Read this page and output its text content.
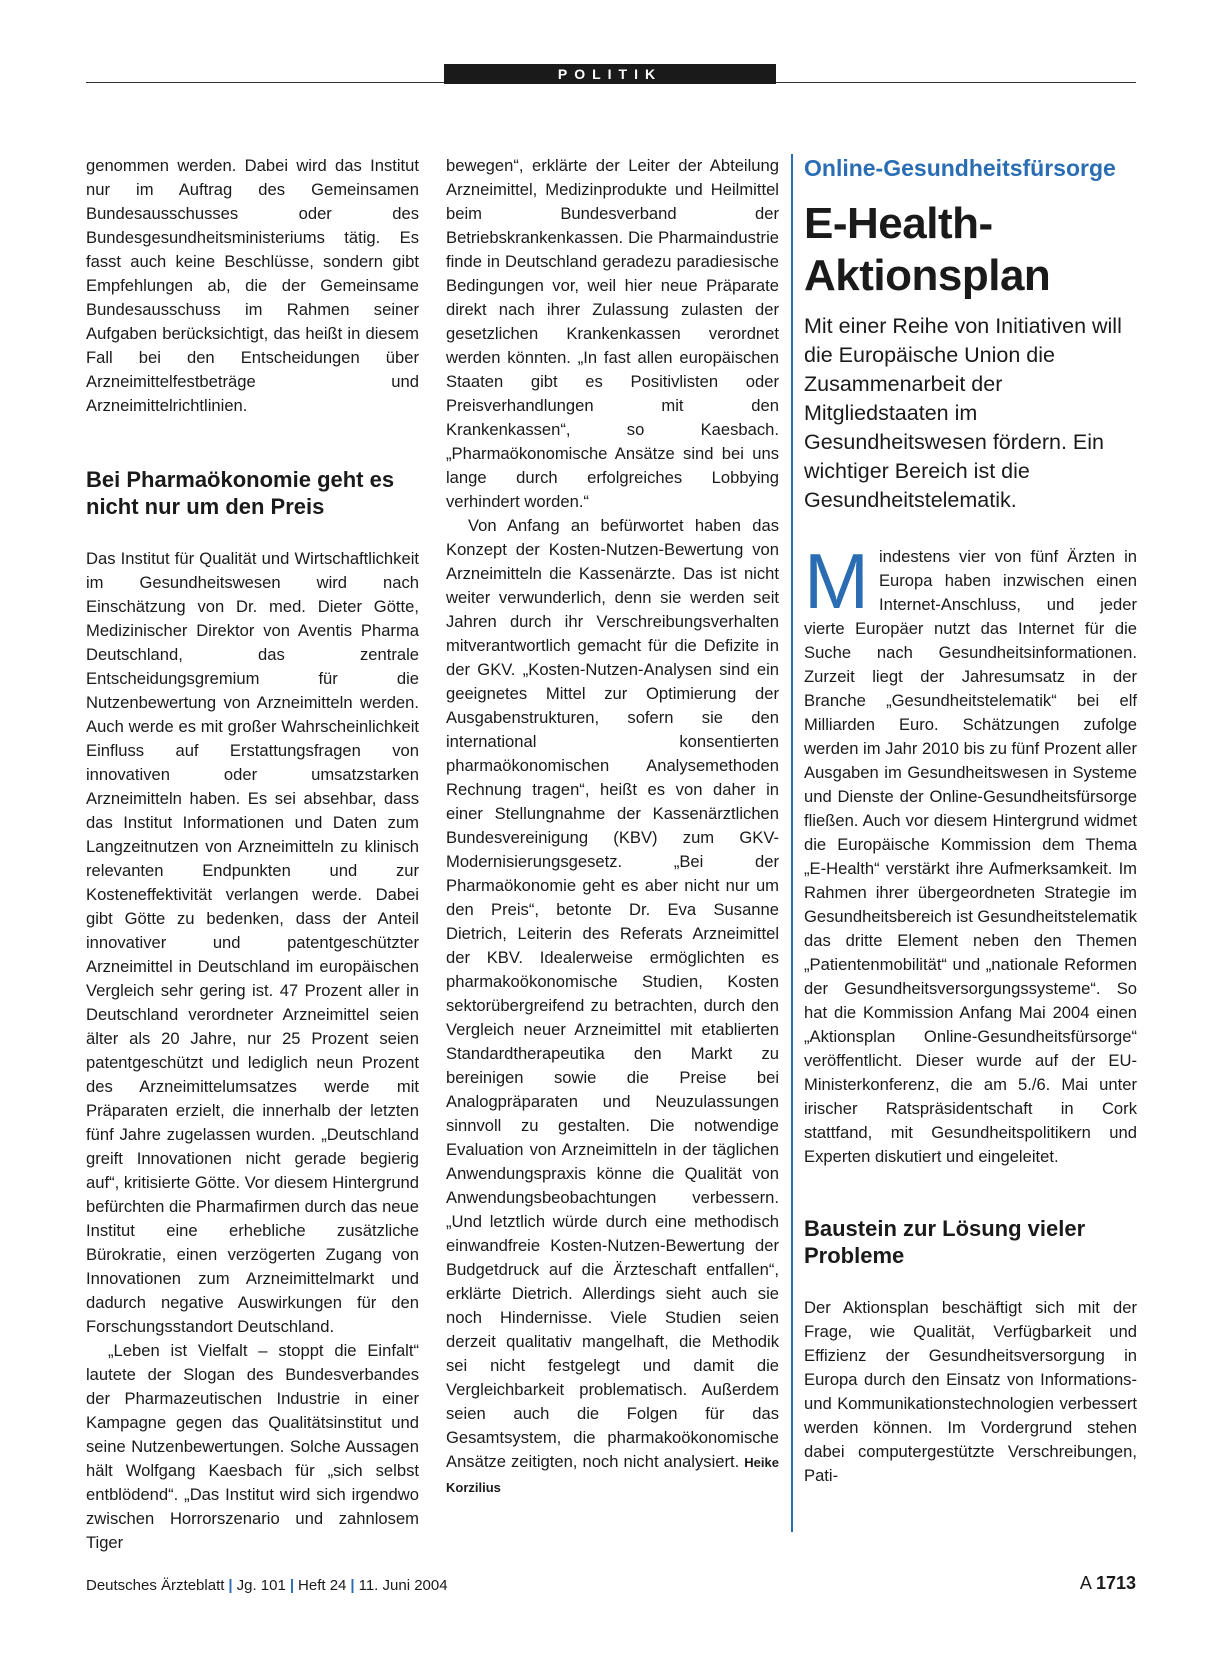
POLITIK

genommen werden. Dabei wird das Institut nur im Auftrag des Gemeinsamen Bundesausschusses oder des Bundesgesundheitsministeriums tätig. Es fasst auch keine Beschlüsse, sondern gibt Empfehlungen ab, die der Gemeinsame Bundesausschuss im Rahmen seiner Aufgaben berücksichtigt, das heißt in diesem Fall bei den Entscheidungen über Arzneimittelfestbeträge und Arzneimittelrichtlinien.

Bei Pharmaökonomie geht es nicht nur um den Preis

Das Institut für Qualität und Wirtschaftlichkeit im Gesundheitswesen wird nach Einschätzung von Dr. med. Dieter Götte, Medizinischer Direktor von Aventis Pharma Deutschland, das zentrale Entscheidungsgremium für die Nutzenbewertung von Arzneimitteln werden. Auch werde es mit großer Wahrscheinlichkeit Einfluss auf Erstattungsfragen von innovativen oder umsatzstarken Arzneimitteln haben. Es sei absehbar, dass das Institut Informationen und Daten zum Langzeitnutzen von Arzneimitteln zu klinisch relevanten Endpunkten und zur Kosteneffektivität verlangen werde. Dabei gibt Götte zu bedenken, dass der Anteil innovativer und patentgeschützter Arzneimittel in Deutschland im europäischen Vergleich sehr gering ist. 47 Prozent aller in Deutschland verordneter Arzneimittel seien älter als 20 Jahre, nur 25 Prozent seien patentgeschützt und lediglich neun Prozent des Arzneimittelumsatzes werde mit Präparaten erzielt, die innerhalb der letzten fünf Jahre zugelassen wurden. „Deutschland greift Innovationen nicht gerade begierig auf“, kritisierte Götte. Vor diesem Hintergrund befürchten die Pharmafirmen durch das neue Institut eine erhebliche zusätzliche Bürokratie, einen verzögerten Zugang von Innovationen zum Arzneimittelmarkt und dadurch negative Auswirkungen für den Forschungsstandort Deutschland.

„Leben ist Vielfalt – stoppt die Einfalt“ lautete der Slogan des Bundesverbandes der Pharmazeutischen Industrie in einer Kampagne gegen das Qualitätsinstitut und seine Nutzenbewertungen. Solche Aussagen hält Wolfgang Kaesbach für „sich selbst entblödend“. „Das Institut wird sich irgendwo zwischen Horrorszenario und zahnlosem Tiger

bewegen“, erklärte der Leiter der Abteilung Arzneimittel, Medizinprodukte und Heilmittel beim Bundesverband der Betriebskrankenkassen. Die Pharmaindustrie finde in Deutschland geradezu paradiesische Bedingungen vor, weil hier neue Präparate direkt nach ihrer Zulassung zulasten der gesetzlichen Krankenkassen verordnet werden könnten. „In fast allen europäischen Staaten gibt es Positivlisten oder Preisverhandlungen mit den Krankenkassen“, so Kaesbach. „Pharmaökonomische Ansätze sind bei uns lange durch erfolgreiches Lobbying verhindert worden.“

Von Anfang an befürwortet haben das Konzept der Kosten-Nutzen-Bewertung von Arzneimitteln die Kassenärzte. Das ist nicht weiter verwunderlich, denn sie werden seit Jahren durch ihr Verschreibungsverhalten mitverantwortlich gemacht für die Defizite in der GKV. „Kosten-Nutzen-Analysen sind ein geeignetes Mittel zur Optimierung der Ausgabenstrukturen, sofern sie den international konsentierten pharmaökonomischen Analysemethoden Rechnung tragen“, heißt es von daher in einer Stellungnahme der Kassenärztlichen Bundesvereinigung (KBV) zum GKV-Modernisierungsgesetz. „Bei der Pharmaökonomie geht es aber nicht nur um den Preis“, betonte Dr. Eva Susanne Dietrich, Leiterin des Referats Arzneimittel der KBV. Idealerweise ermöglichten es pharmakoökonomische Studien, Kosten sektorübergreifend zu betrachten, durch den Vergleich neuer Arzneimittel mit etablierten Standardtherapeutika den Markt zu bereinigen sowie die Preise bei Analogpräparaten und Neuzulassungen sinnvoll zu gestalten. Die notwendige Evaluation von Arzneimitteln in der täglichen Anwendungspraxis könne die Qualität von Anwendungsbeobachtungen verbessern. „Und letztlich würde durch eine methodisch einwandfreie Kosten-Nutzen-Bewertung der Budgetdruck auf die Ärzteschaft entfallen“, erklärte Dietrich. Allerdings sieht auch sie noch Hindernisse. Viele Studien seien derzeit qualitativ mangelhaft, die Methodik sei nicht festgelegt und damit die Vergleichbarkeit problematisch. Außerdem seien auch die Folgen für das Gesamtsystem, die pharmakoökonomische Ansätze zeitigten, noch nicht analysiert. Heike Korzilius

Online-Gesundheitsfürsorge
E-Health-
Aktionsplan
Mit einer Reihe von Initiativen will die Europäische Union die Zusammenarbeit der Mitgliedstaaten im Gesundheitswesen fördern. Ein wichtiger Bereich ist die Gesundheitstelematik.

Mindestens vier von fünf Ärzten in Europa haben inzwischen einen Internet-Anschluss, und jeder vierte Europäer nutzt das Internet für die Suche nach Gesundheitsinformationen. Zurzeit liegt der Jahresumsatz in der Branche „Gesundheitstelematik“ bei elf Milliarden Euro. Schätzungen zufolge werden im Jahr 2010 bis zu fünf Prozent aller Ausgaben im Gesundheitswesen in Systeme und Dienste der Online-Gesundheitsfürsorge fließen. Auch vor diesem Hintergrund widmet die Europäische Kommission dem Thema „E-Health“ verstärkt ihre Aufmerksamkeit. Im Rahmen ihrer übergeordneten Strategie im Gesundheitsbereich ist Gesundheitstelematik das dritte Element neben den Themen „Patientenmobilität“ und „nationale Reformen der Gesundheitsversorgungssysteme“. So hat die Kommission Anfang Mai 2004 einen „Aktionsplan Online-Gesundheitsfürsorge“ veröffentlicht. Dieser wurde auf der EU-Ministerkonferenz, die am 5./6. Mai unter irischer Ratspräsidentschaft in Cork stattfand, mit Gesundheitspolitikern und Experten diskutiert und eingeleitet.

Baustein zur Lösung vieler Probleme

Der Aktionsplan beschäftigt sich mit der Frage, wie Qualität, Verfügbarkeit und Effizienz der Gesundheitsversorgung in Europa durch den Einsatz von Informations- und Kommunikationstechnologien verbessert werden können. Im Vordergrund stehen dabei computergestützte Verschreibungen, Pati-

Deutsches Ärzteblatt | Jg. 101 | Heft 24 | 11. Juni 2004	A 1713
